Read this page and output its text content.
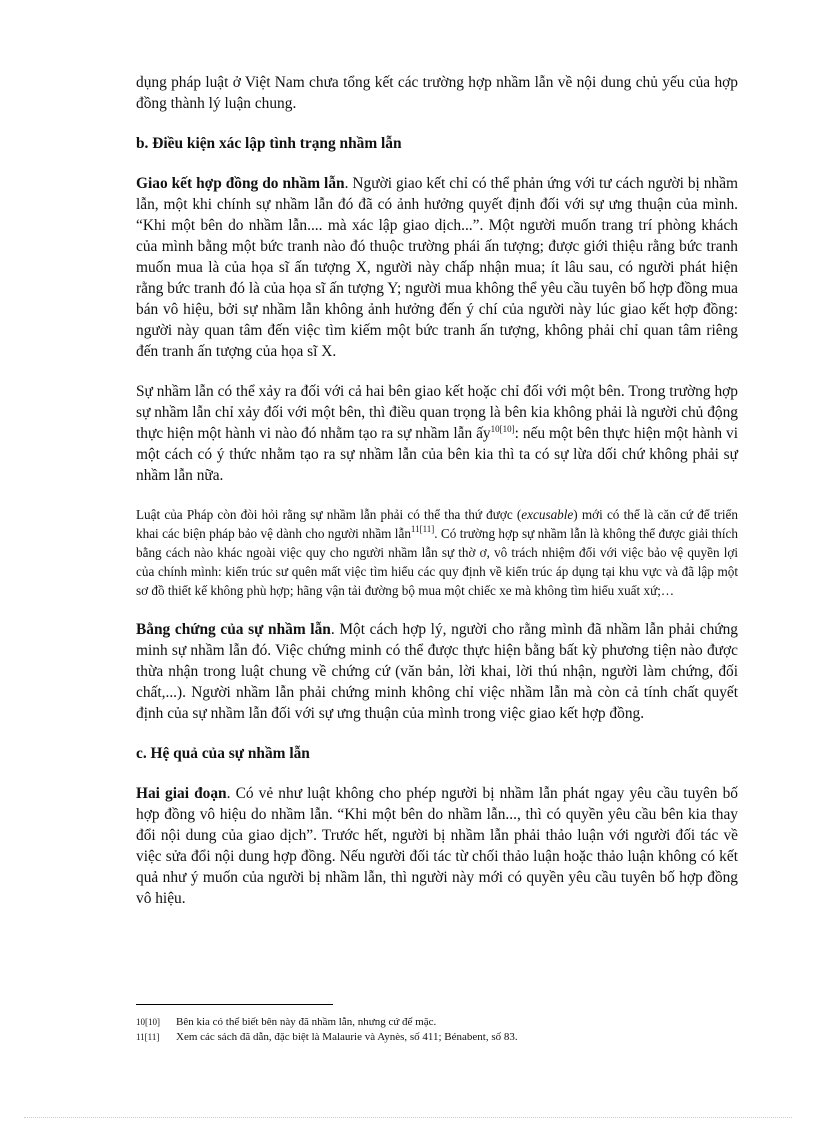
dụng pháp luật ở Việt Nam chưa tổng kết các trường hợp nhầm lẫn về nội dung chủ yếu của hợp đồng thành lý luận chung.

b. Điều kiện xác lập tình trạng nhầm lẫn

Giao kết hợp đồng do nhầm lẫn. Người giao kết chỉ có thể phản ứng với tư cách người bị nhầm lẫn, một khi chính sự nhầm lẫn đó đã có ảnh hưởng quyết định đối với sự ưng thuận của mình. “Khi một bên do nhầm lẫn.... mà xác lập giao dịch...”. Một người muốn trang trí phòng khách của mình bằng một bức tranh nào đó thuộc trường phái ấn tượng; được giới thiệu rằng bức tranh muốn mua là của họa sĩ ấn tượng X, người này chấp nhận mua; ít lâu sau, có người phát hiện rằng bức tranh đó là của họa sĩ ấn tượng Y; người mua không thể yêu cầu tuyên bố hợp đồng mua bán vô hiệu, bởi sự nhầm lẫn không ảnh hưởng đến ý chí của người này lúc giao kết hợp đồng: người này quan tâm đến việc tìm kiếm một bức tranh ấn tượng, không phải chỉ quan tâm riêng đến tranh ấn tượng của họa sĩ X.

Sự nhầm lẫn có thể xảy ra đối với cả hai bên giao kết hoặc chỉ đối với một bên. Trong trường hợp sự nhầm lẫn chỉ xảy đối với một bên, thì điều quan trọng là bên kia không phải là người chủ động thực hiện một hành vi nào đó nhằm tạo ra sự nhầm lẫn ấy$^{10[10]}$: nếu một bên thực hiện một hành vi một cách có ý thức nhằm tạo ra sự nhầm lẫn của bên kia thì ta có sự lừa dối chứ không phải sự nhầm lẫn nữa.

Luật của Pháp còn đòi hỏi rằng sự nhầm lẫn phải có thể tha thứ được (excusable) mới có thể là căn cứ để triển khai các biện pháp bảo vệ dành cho người nhầm lẫn$^{11[11]}$. Có trường hợp sự nhầm lẫn là không thể được giải thích bằng cách nào khác ngoài việc quy cho người nhầm lẫn sự thờ ơ, vô trách nhiệm đối với việc bảo vệ quyền lợi của chính mình: kiến trúc sư quên mất việc tìm hiểu các quy định về kiến trúc áp dụng tại khu vực và đã lập một sơ đồ thiết kế không phù hợp; hãng vận tải đường bộ mua một chiếc xe mà không tìm hiểu xuất xứ;…

Bằng chứng của sự nhầm lẫn. Một cách hợp lý, người cho rằng mình đã nhầm lẫn phải chứng minh sự nhầm lẫn đó. Việc chứng minh có thể được thực hiện bằng bất kỳ phương tiện nào được thừa nhận trong luật chung về chứng cứ (văn bản, lời khai, lời thú nhận, người làm chứng, đối chất,...). Người nhầm lẫn phải chứng minh không chỉ việc nhầm lẫn mà còn cả tính chất quyết định của sự nhầm lẫn đối với sự ưng thuận của mình trong việc giao kết hợp đồng.

c. Hệ quả của sự nhầm lẫn

Hai giai đoạn. Có vẻ như luật không cho phép người bị nhầm lẫn phát ngay yêu cầu tuyên bố hợp đồng vô hiệu do nhầm lẫn. “Khi một bên do nhầm lẫn..., thì có quyền yêu cầu bên kia thay đổi nội dung của giao dịch”. Trước hết, người bị nhầm lẫn phải thảo luận với người đối tác về việc sửa đổi nội dung hợp đồng. Nếu người đối tác từ chối thảo luận hoặc thảo luận không có kết quả như ý muốn của người bị nhầm lẫn, thì người này mới có quyền yêu cầu tuyên bố hợp đồng vô hiệu.

10[10]	Bên kia có thể biết bên này đã nhầm lẫn, nhưng cứ để mặc.
11[11]	Xem các sách đã dẫn, đặc biệt là Malaurie và Aynès, số 411; Bénabent, số 83.
